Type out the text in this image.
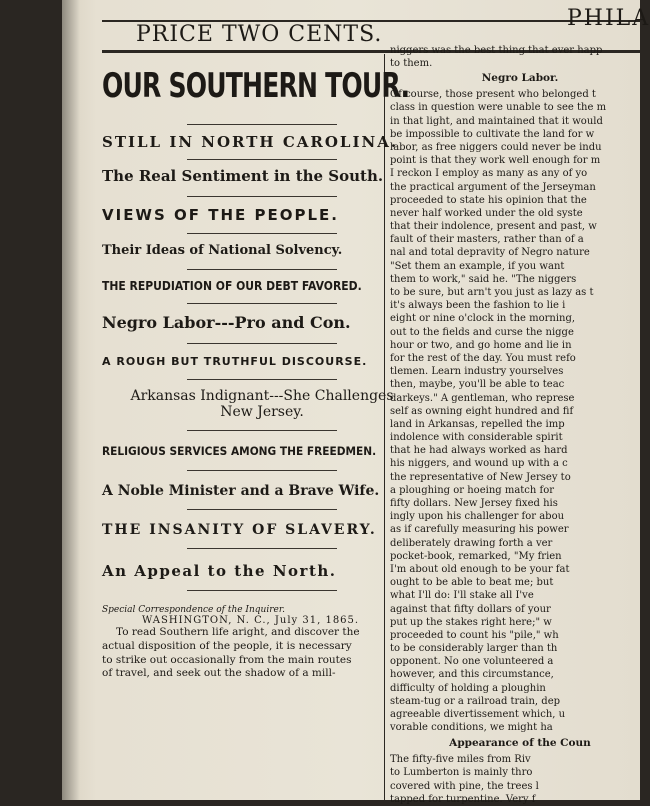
PRICE TWO CENTS.
PHILA
OUR SOUTHERN TOUR.
STILL IN NORTH CAROLINA.
The Real Sentiment in the South.
VIEWS OF THE PEOPLE.
Their Ideas of National Solvency.
THE REPUDIATION OF OUR DEBT FAVORED.
Negro Labor---Pro and Con.
A ROUGH BUT TRUTHFUL DISCOURSE.
Arkansas Indignant---She Challenges New Jersey.
RELIGIOUS SERVICES AMONG THE FREEDMEN.
A Noble Minister and a Brave Wife.
THE INSANITY OF SLAVERY.
An Appeal to the North.
Special Correspondence of the Inquirer.
WASHINGTON, N. C., July 31, 1865.
To read Southern life aright, and discover the
actual disposition of the people, it is necessary
to strike out occasionally from the main routes
of travel, and seek out the shadow of a mill-

niggers was the best thing that ever happ

to them.

Negro Labor.

Of course, those present who belonged t

class in question were unable to see the m

in that light, and maintained that it would

be impossible to cultivate the land for w

labor, as free niggers could never be indu

point is that they work well enough for m

I reckon I employ as many as any of yo

the practical argument of the Jerseyman

proceeded to state his opinion that the

never half worked under the old syste

that their indolence, present and past, w

fault of their masters, rather than of a

nal and total depravity of Negro nature

"Set them an example, if you want

them to work," said he. "The niggers

to be sure, but arn't you just as lazy as t

it's always been the fashion to lie i

eight or nine o'clock in the morning,

out to the fields and curse the nigge

hour or two, and go home and lie in

for the rest of the day. You must refo

tlemen. Learn industry yourselves

then, maybe, you'll be able to teac

darkeys." A gentleman, who represe

self as owning eight hundred and fif

land in Arkansas, repelled the imp

indolence with considerable spirit

that he had always worked as hard

his niggers, and wound up with a c

the representative of New Jersey to

a ploughing or hoeing match for

fifty dollars. New Jersey fixed his

ingly upon his challenger for abou

as if carefully measuring his power

deliberately drawing forth a ver

pocket-book, remarked, "My frien

I'm about old enough to be your fat

ought to be able to beat me; but

what I'll do: I'll stake all I've

against that fifty dollars of your

put up the stakes right here;" w

proceeded to count his "pile," wh

to be considerably larger than th

opponent. No one volunteered a

however, and this circumstance,

difficulty of holding a ploughin

steam-tug or a railroad train, dep

agreeable divertissement which, u

vorable conditions, we might ha

Appearance of the Coun

The fifty-five miles from Riv

to Lumberton is mainly thro

covered with pine, the trees l

tapped for turpentine. Very f
